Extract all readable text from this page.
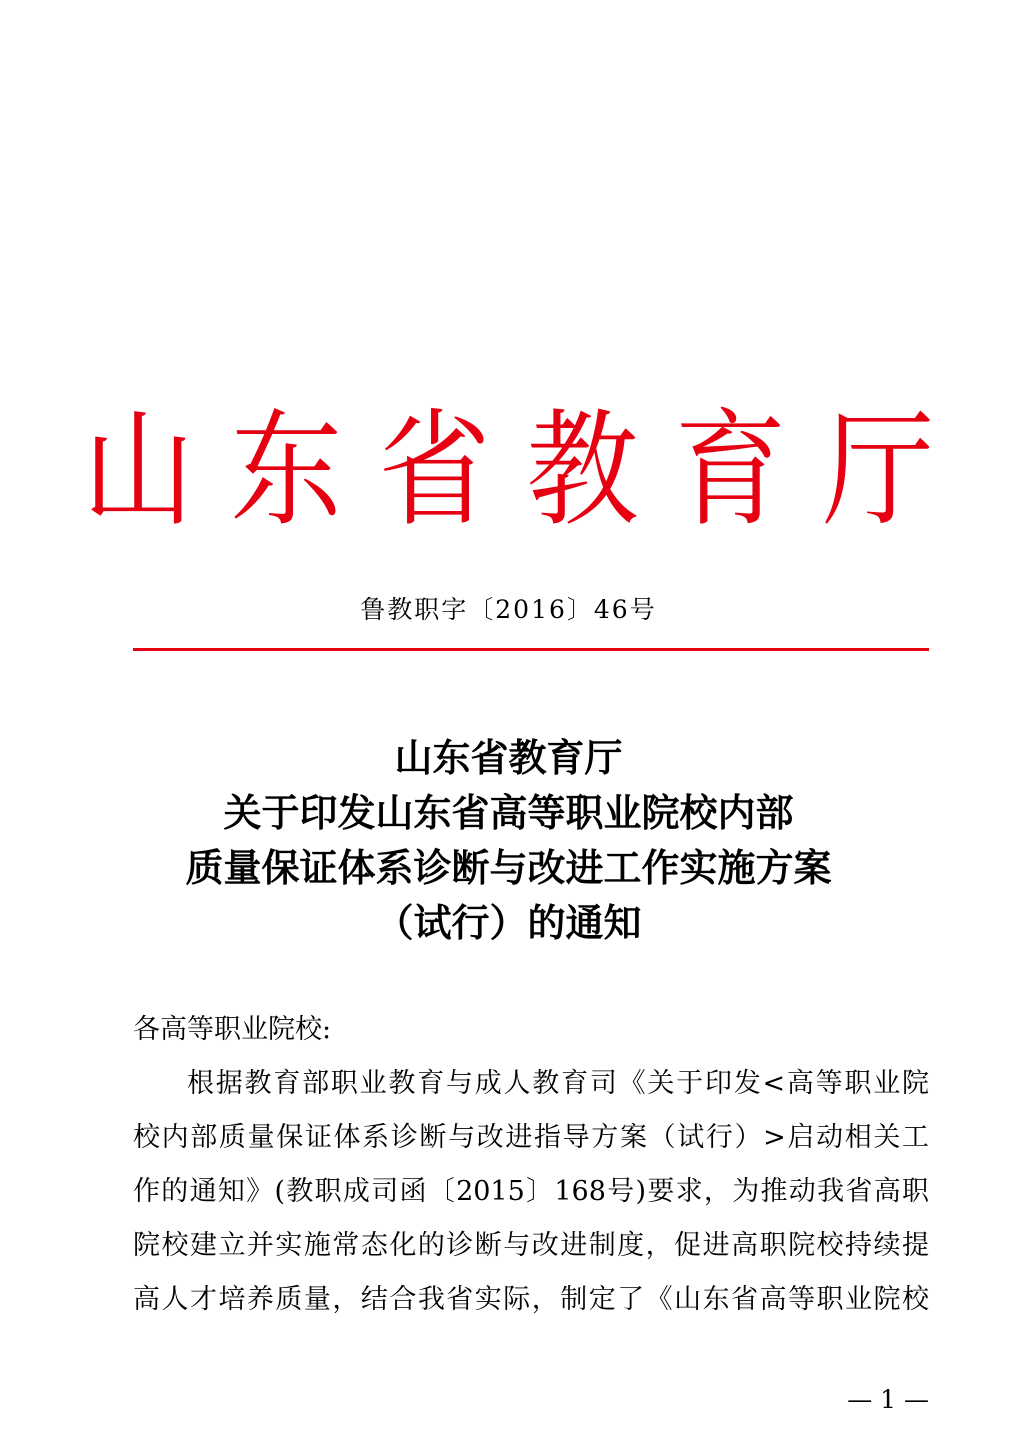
山东省教育厅
鲁教职字〔2016〕46号
山东省教育厅
关于印发山东省高等职业院校内部
质量保证体系诊断与改进工作实施方案
（试行）的通知
各高等职业院校:
根据教育部职业教育与成人教育司《关于印发<高等职业院
校内部质量保证体系诊断与改进指导方案（试行）>启动相关工
作的通知》(教职成司函〔2015〕168号)要求，为推动我省高职
院校建立并实施常态化的诊断与改进制度，促进高职院校持续提
高人才培养质量，结合我省实际，制定了《山东省高等职业院校
— 1 —
